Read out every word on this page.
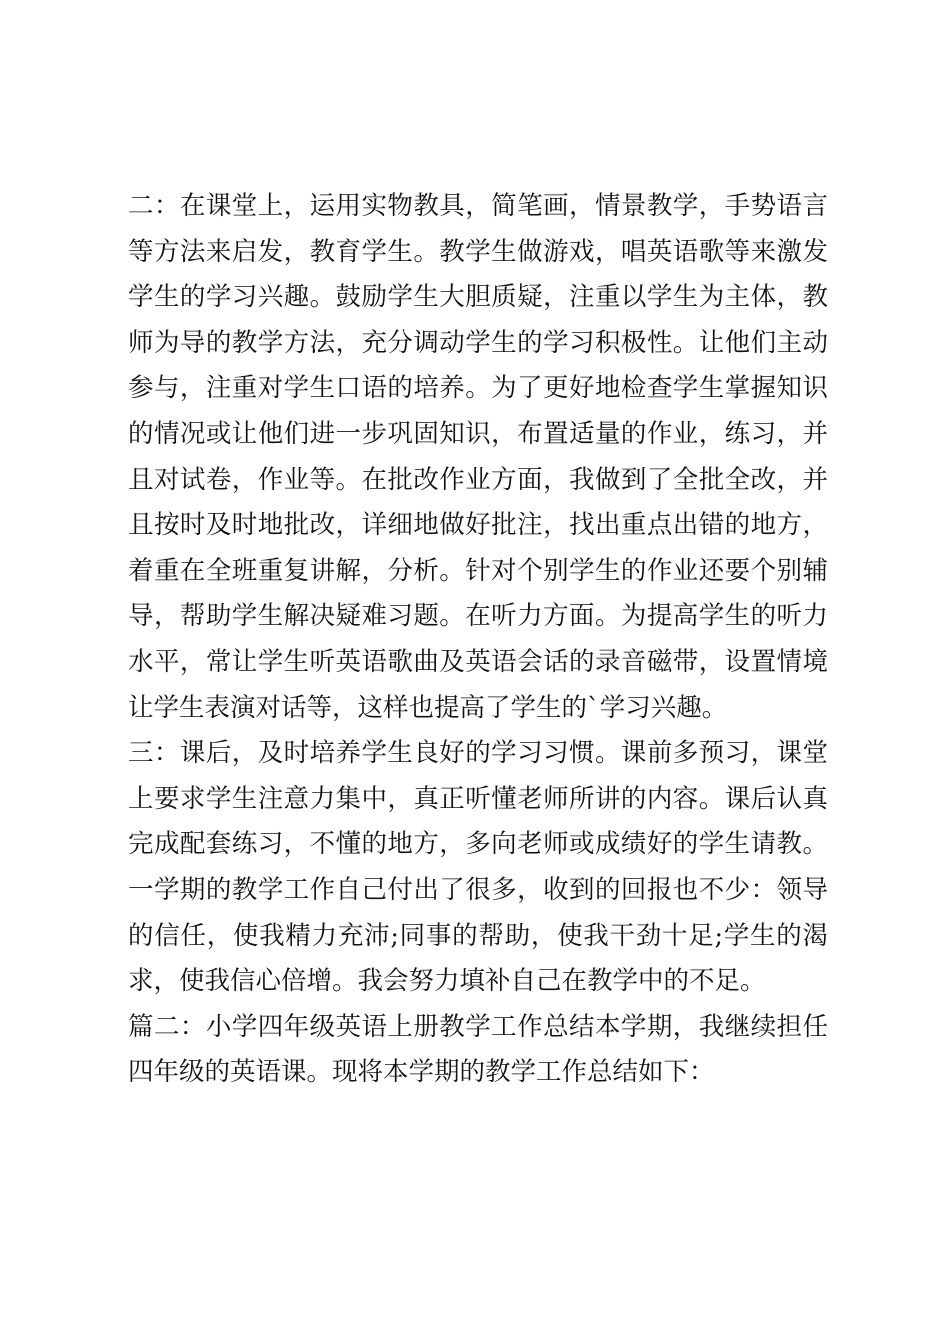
二：在课堂上，运用实物教具，简笔画，情景教学，手势语言
等方法来启发，教育学生。教学生做游戏，唱英语歌等来激发
学生的学习兴趣。鼓励学生大胆质疑，注重以学生为主体，教
师为导的教学方法，充分调动学生的学习积极性。让他们主动
参与，注重对学生口语的培养。为了更好地检查学生掌握知识
的情况或让他们进一步巩固知识，布置适量的作业，练习，并
且对试卷，作业等。在批改作业方面，我做到了全批全改，并
且按时及时地批改，详细地做好批注，找出重点出错的地方，
着重在全班重复讲解，分析。针对个别学生的作业还要个别辅
导，帮助学生解决疑难习题。在听力方面。为提高学生的听力
水平，常让学生听英语歌曲及英语会话的录音磁带，设置情境
让学生表演对话等，这样也提高了学生的`学习兴趣。
三：课后，及时培养学生良好的学习习惯。课前多预习，课堂
上要求学生注意力集中，真正听懂老师所讲的内容。课后认真
完成配套练习，不懂的地方，多向老师或成绩好的学生请教。
一学期的教学工作自己付出了很多，收到的回报也不少：领导
的信任，使我精力充沛;同事的帮助，使我干劲十足;学生的渴
求，使我信心倍增。我会努力填补自己在教学中的不足。
篇二：小学四年级英语上册教学工作总结本学期，我继续担任
四年级的英语课。现将本学期的教学工作总结如下：
